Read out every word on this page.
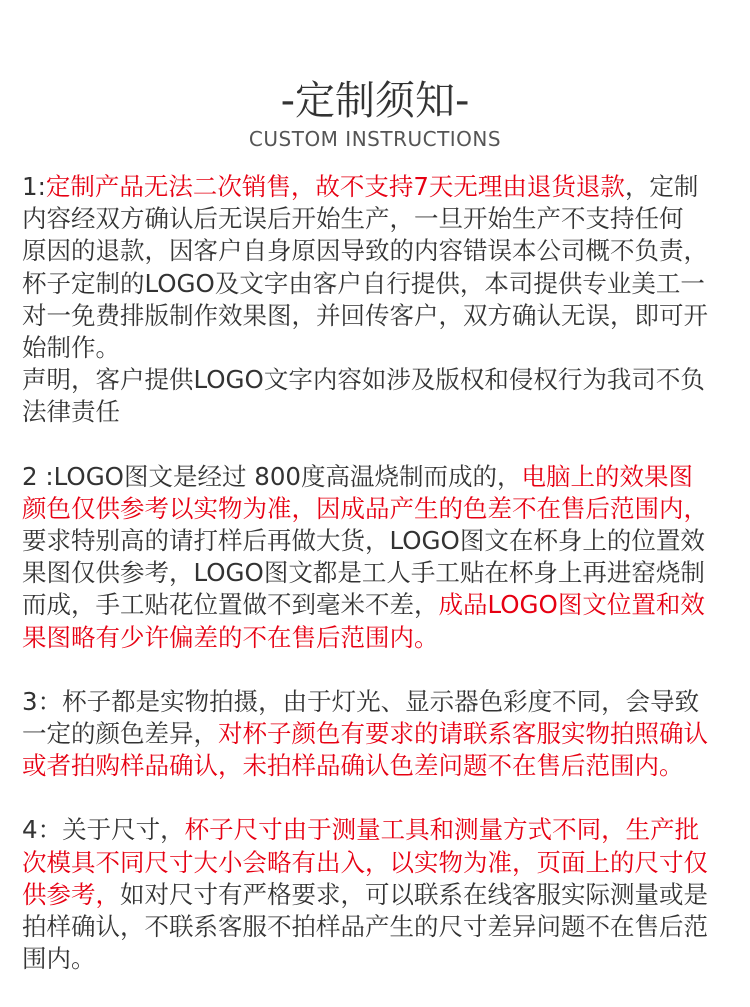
-定制须知-
CUSTOM INSTRUCTIONS
1:定制产品无法二次销售，故不支持7天无理由退货退款，定制
内容经双方确认后无误后开始生产，一旦开始生产不支持任何
原因的退款，因客户自身原因导致的内容错误本公司概不负责，
杯子定制的LOGO及文字由客户自行提供，本司提供专业美工一
对一免费排版制作效果图，并回传客户，双方确认无误，即可开
始制作。
声明，客户提供LOGO文字内容如涉及版权和侵权行为我司不负
法律责任
2 :LOGO图文是经过 800度高温烧制而成的，电脑上的效果图
颜色仅供参考以实物为准，因成品产生的色差不在售后范围内，
要求特别高的请打样后再做大货，LOGO图文在杯身上的位置效
果图仅供参考，LOGO图文都是工人手工贴在杯身上再进窑烧制
而成，手工贴花位置做不到毫米不差，成品LOGO图文位置和效
果图略有少许偏差的不在售后范围内。
3：杯子都是实物拍摄，由于灯光、显示器色彩度不同，会导致
一定的颜色差异，对杯子颜色有要求的请联系客服实物拍照确认
或者拍购样品确认，未拍样品确认色差问题不在售后范围内。
4：关于尺寸，杯子尺寸由于测量工具和测量方式不同，生产批
次模具不同尺寸大小会略有出入，以实物为准，页面上的尺寸仅
供参考，如对尺寸有严格要求，可以联系在线客服实际测量或是
拍样确认，不联系客服不拍样品产生的尺寸差异问题不在售后范
围内。
